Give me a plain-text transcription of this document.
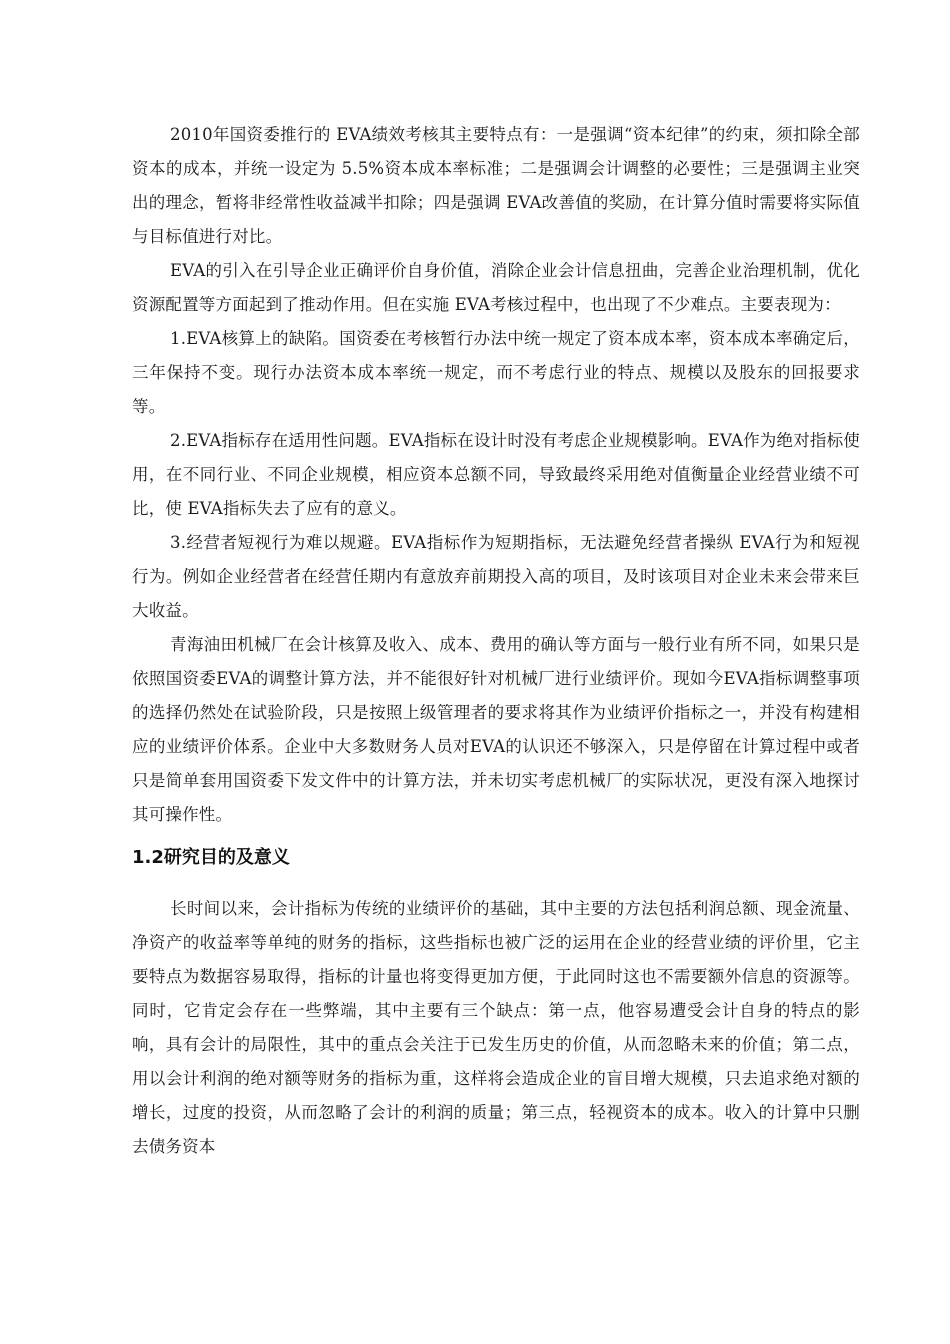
2010年国资委推行的 EVA绩效考核其主要特点有：一是强调“资本纪律”的约束，须扣除全部资本的成本，并统一设定为 5.5%资本成本率标准；二是强调会计调整的必要性；三是强调主业突出的理念，暂将非经常性收益减半扣除；四是强调 EVA改善值的奖励，在计算分值时需要将实际值与目标值进行对比。

EVA的引入在引导企业正确评价自身价值，消除企业会计信息扭曲，完善企业治理机制，优化资源配置等方面起到了推动作用。但在实施 EVA考核过程中，也出现了不少难点。主要表现为：

1.EVA核算上的缺陷。国资委在考核暂行办法中统一规定了资本成本率，资本成本率确定后，三年保持不变。现行办法资本成本率统一规定，而不考虑行业的特点、规模以及股东的回报要求等。

2.EVA指标存在适用性问题。EVA指标在设计时没有考虑企业规模影响。EVA作为绝对指标使用，在不同行业、不同企业规模，相应资本总额不同，导致最终采用绝对值衡量企业经营业绩不可比，使 EVA指标失去了应有的意义。

3.经营者短视行为难以规避。EVA指标作为短期指标，无法避免经营者操纵 EVA行为和短视行为。例如企业经营者在经营任期内有意放弃前期投入高的项目，及时该项目对企业未来会带来巨大收益。

青海油田机械厂在会计核算及收入、成本、费用的确认等方面与一般行业有所不同，如果只是依照国资委EVA的调整计算方法，并不能很好针对机械厂进行业绩评价。现如今EVA指标调整事项的选择仍然处在试验阶段，只是按照上级管理者的要求将其作为业绩评价指标之一，并没有构建相应的业绩评价体系。企业中大多数财务人员对EVA的认识还不够深入，只是停留在计算过程中或者只是简单套用国资委下发文件中的计算方法，并未切实考虑机械厂的实际状况，更没有深入地探讨其可操作性。

1.2研究目的及意义

长时间以来，会计指标为传统的业绩评价的基础，其中主要的方法包括利润总额、现金流量、净资产的收益率等单纯的财务的指标，这些指标也被广泛的运用在企业的经营业绩的评价里，它主要特点为数据容易取得，指标的计量也将变得更加方便，于此同时这也不需要额外信息的资源等。同时，它肯定会存在一些弊端，其中主要有三个缺点：第一点，他容易遭受会计自身的特点的影响，具有会计的局限性，其中的重点会关注于已发生历史的价值，从而忽略未来的价值；第二点，用以会计利润的绝对额等财务的指标为重，这样将会造成企业的盲目增大规模，只去追求绝对额的增长，过度的投资，从而忽略了会计的利润的质量；第三点，轻视资本的成本。收入的计算中只删去债务资本
